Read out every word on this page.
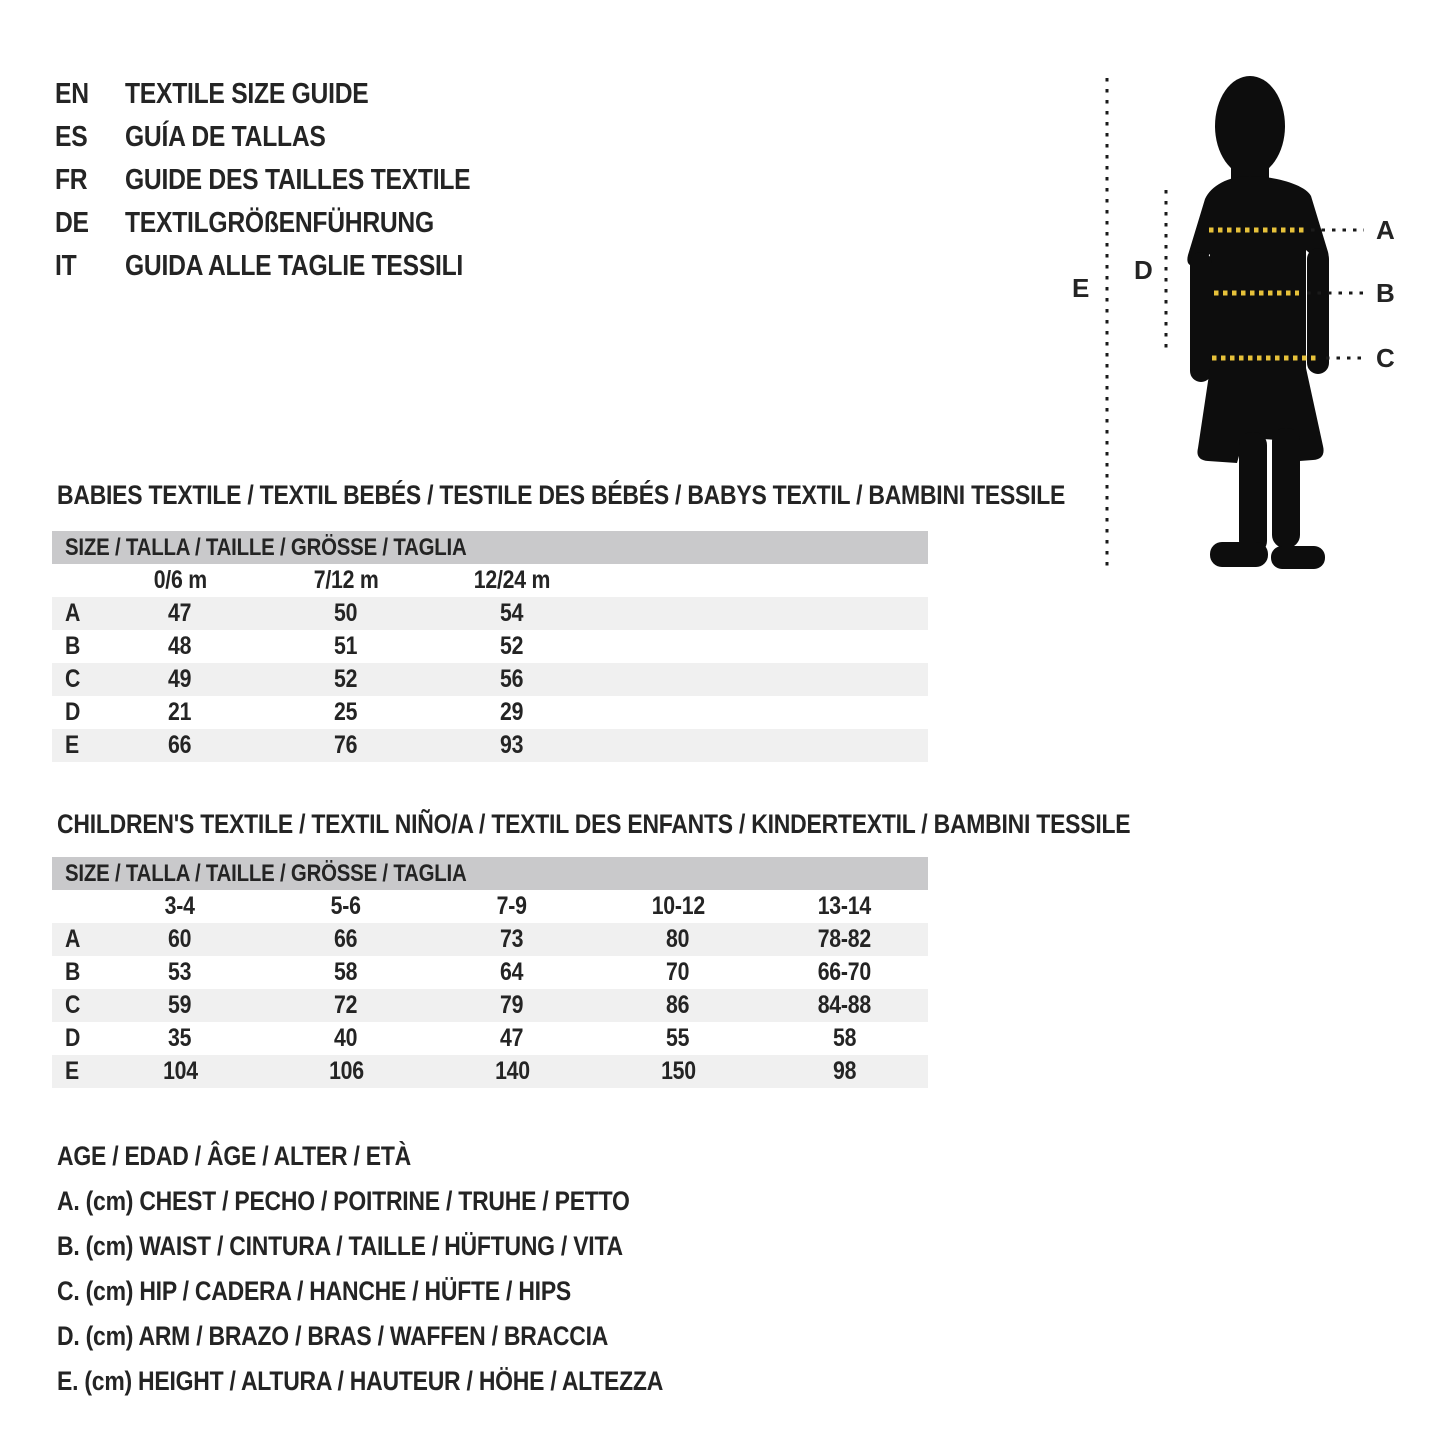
EN	TEXTILE SIZE GUIDE
ES	GUÍA DE TALLAS
FR	GUIDE DES TAILLES TEXTILE
DE	TEXTILGRÖßENFÜHRUNG
IT	GUIDA ALLE TAGLIE TESSILI
A
B
C
D
E
BABIES TEXTILE / TEXTIL BEBÉS / TESTILE DES BÉBÉS / BABYS TEXTIL / BAMBINI TESSILE
SIZE / TALLA / TAILLE / GRÖSSE / TAGLIA
	0/6 m	7/12 m	12/24 m		
A	47	50	54		
B	48	51	52		
C	49	52	56		
D	21	25	29		
E	66	76	93		
CHILDREN'S TEXTILE / TEXTIL NIÑO/A / TEXTIL DES ENFANTS / KINDERTEXTIL / BAMBINI TESSILE
SIZE / TALLA / TAILLE / GRÖSSE / TAGLIA
	3-4	5-6	7-9	10-12	13-14
A	60	66	73	80	78-82
B	53	58	64	70	66-70
C	59	72	79	86	84-88
D	35	40	47	55	58
E	104	106	140	150	98
AGE / EDAD / ÂGE / ALTER / ETÀ
A. (cm) CHEST / PECHO / POITRINE / TRUHE / PETTO
B. (cm) WAIST / CINTURA / TAILLE / HÜFTUNG / VITA
C. (cm) HIP / CADERA / HANCHE / HÜFTE / HIPS
D. (cm) ARM / BRAZO / BRAS / WAFFEN / BRACCIA
E. (cm) HEIGHT / ALTURA / HAUTEUR / HÖHE / ALTEZZA
